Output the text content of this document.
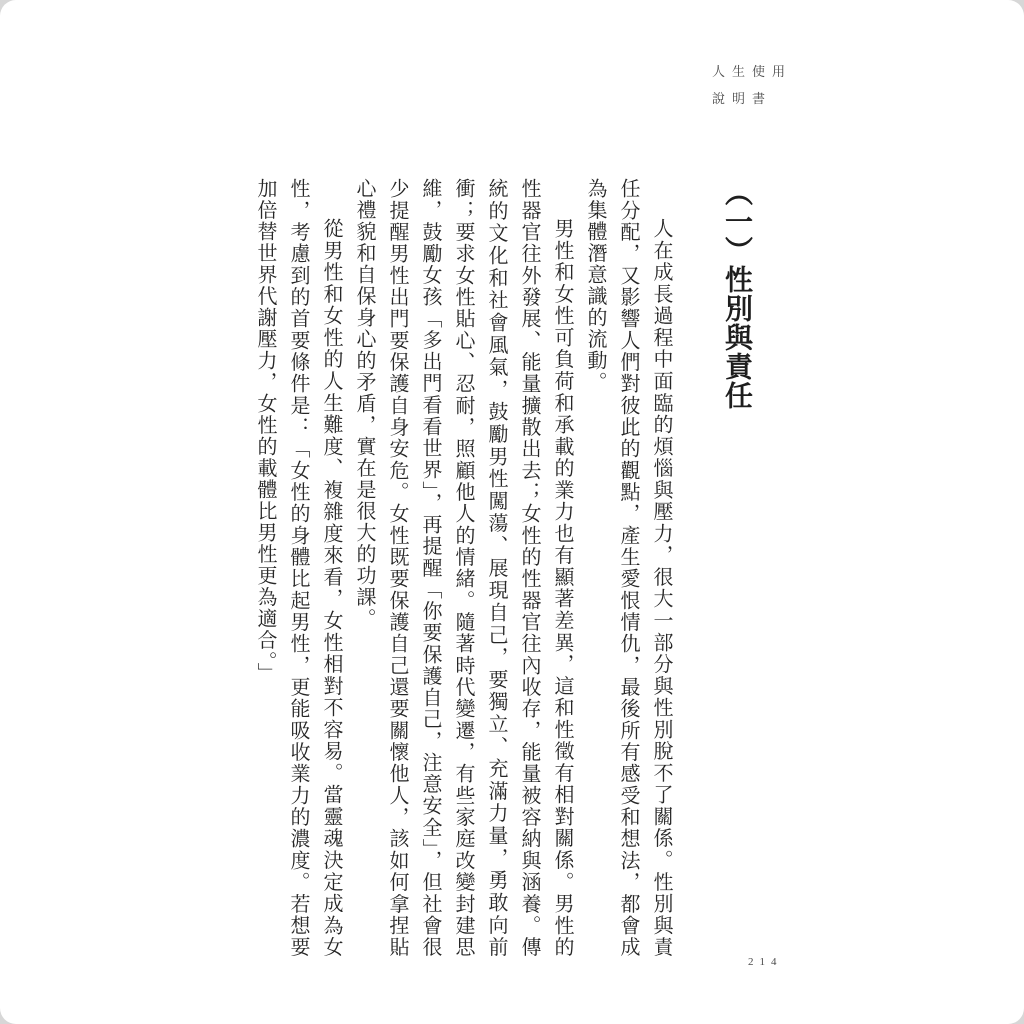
人生使用
說明書
（一）性別與責任

人在成長過程中面臨的煩惱與壓力，很大一部分與性別脫不了關係。性別與責任分配，又影響人們對彼此的觀點，產生愛恨情仇，最後所有感受和想法，都會成為集體潛意識的流動。

男性和女性可負荷和承載的業力也有顯著差異，這和性徵有相對關係。男性的性器官往外發展、能量擴散出去；女性的性器官往內收存，能量被容納與涵養。傳統的文化和社會風氣，鼓勵男性闖蕩、展現自己，要獨立、充滿力量，勇敢向前衝；要求女性貼心、忍耐，照顧他人的情緒。隨著時代變遷，有些家庭改變封建思維，鼓勵女孩「多出門看看世界」，再提醒「你要保護自己，注意安全」，但社會很少提醒男性出門要保護自身安危。女性既要保護自己還要關懷他人，該如何拿捏貼心禮貌和自保身心的矛盾，實在是很大的功課。

從男性和女性的人生難度、複雜度來看，女性相對不容易。當靈魂決定成為女性，考慮到的首要條件是：「女性的身體比起男性，更能吸收業力的濃度。若想要加倍替世界代謝壓力，女性的載體比男性更為適合。」

214
